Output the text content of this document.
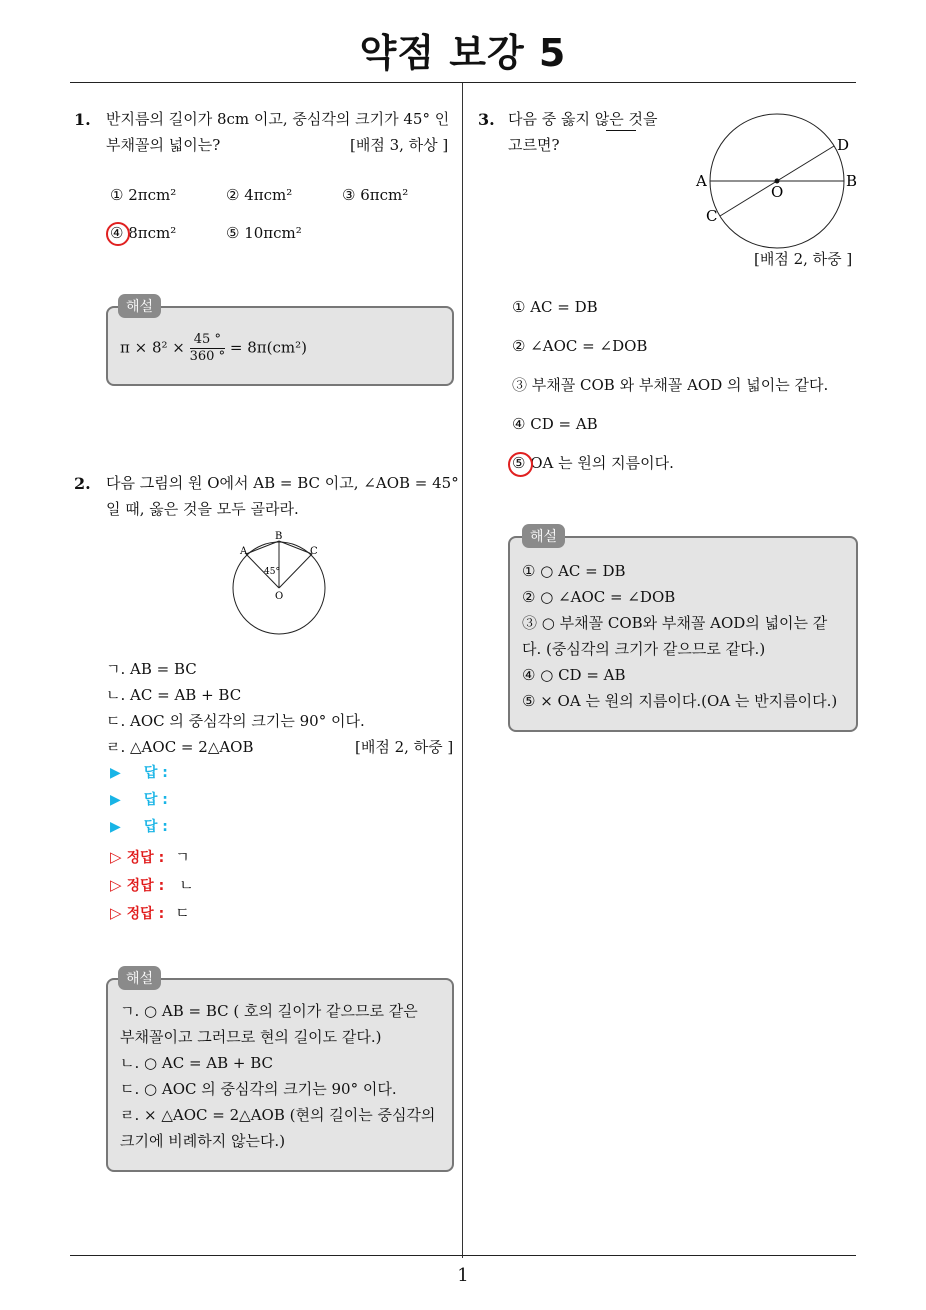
약점 보강 5
1
1. 반지름의 길이가 8cm 이고, 중심각의 크기가 45° 인
부채꼴의 넓이는?	[배점 3, 하상 ]
① 2πcm²	② 4πcm²	③ 6πcm²
④ 8πcm²	⑤ 10πcm²
$\pi \times 8^2 \times \frac{45 ^\circ}{360 ^\circ} = 8\pi(cm^2)$
해설
2. 다음 그림의 원 O에서 AB = BC 이고, ∠AOB = 45°
일 때, 옳은 것을 모두 골라라.
A
B
C
O
45°
ㄱ. AB = BC
ㄴ. AC = AB + BC
ㄷ. AOC 의 중심각의 크기는 90° 이다.
ㄹ. △AOC = 2△AOB	[배점 2, 하중 ]
▶ 답 :
▶ 답 :
▶ 답 :
▷ 정답 : ㄱ
▷ 정답 : ㄴ
▷ 정답 : ㄷ
ㄱ. ○ AB = BC ( 호의 길이가 같으므로 같은
부채꼴이고 그러므로 현의 길이도 같다.)
ㄴ. ○ AC = AB + BC
ㄷ. ○ AOC 의 중심각의 크기는 90° 이다.
ㄹ. × △AOC = 2△AOB (현의 길이는 중심각의
크기에 비례하지 않는다.)
해설
3. 다음 중 옳지 않은 것을
고르면?
A	B
C
D
O
[배점 2, 하중 ]
① AC = DB
② ∠AOC = ∠DOB
③ 부채꼴 COB 와 부채꼴 AOD 의 넓이는 같다.
④ CD = AB
⑤ OA 는 원의 지름이다.
① ○ AC = DB
② ○ ∠AOC = ∠DOB
③ ○ 부채꼴 COB와 부채꼴 AOD의 넓이는 같
다. (중심각의 크기가 같으므로 같다.)
④ ○ CD = AB
⑤ × OA 는 원의 지름이다.(OA 는 반지름이다.)
해설
